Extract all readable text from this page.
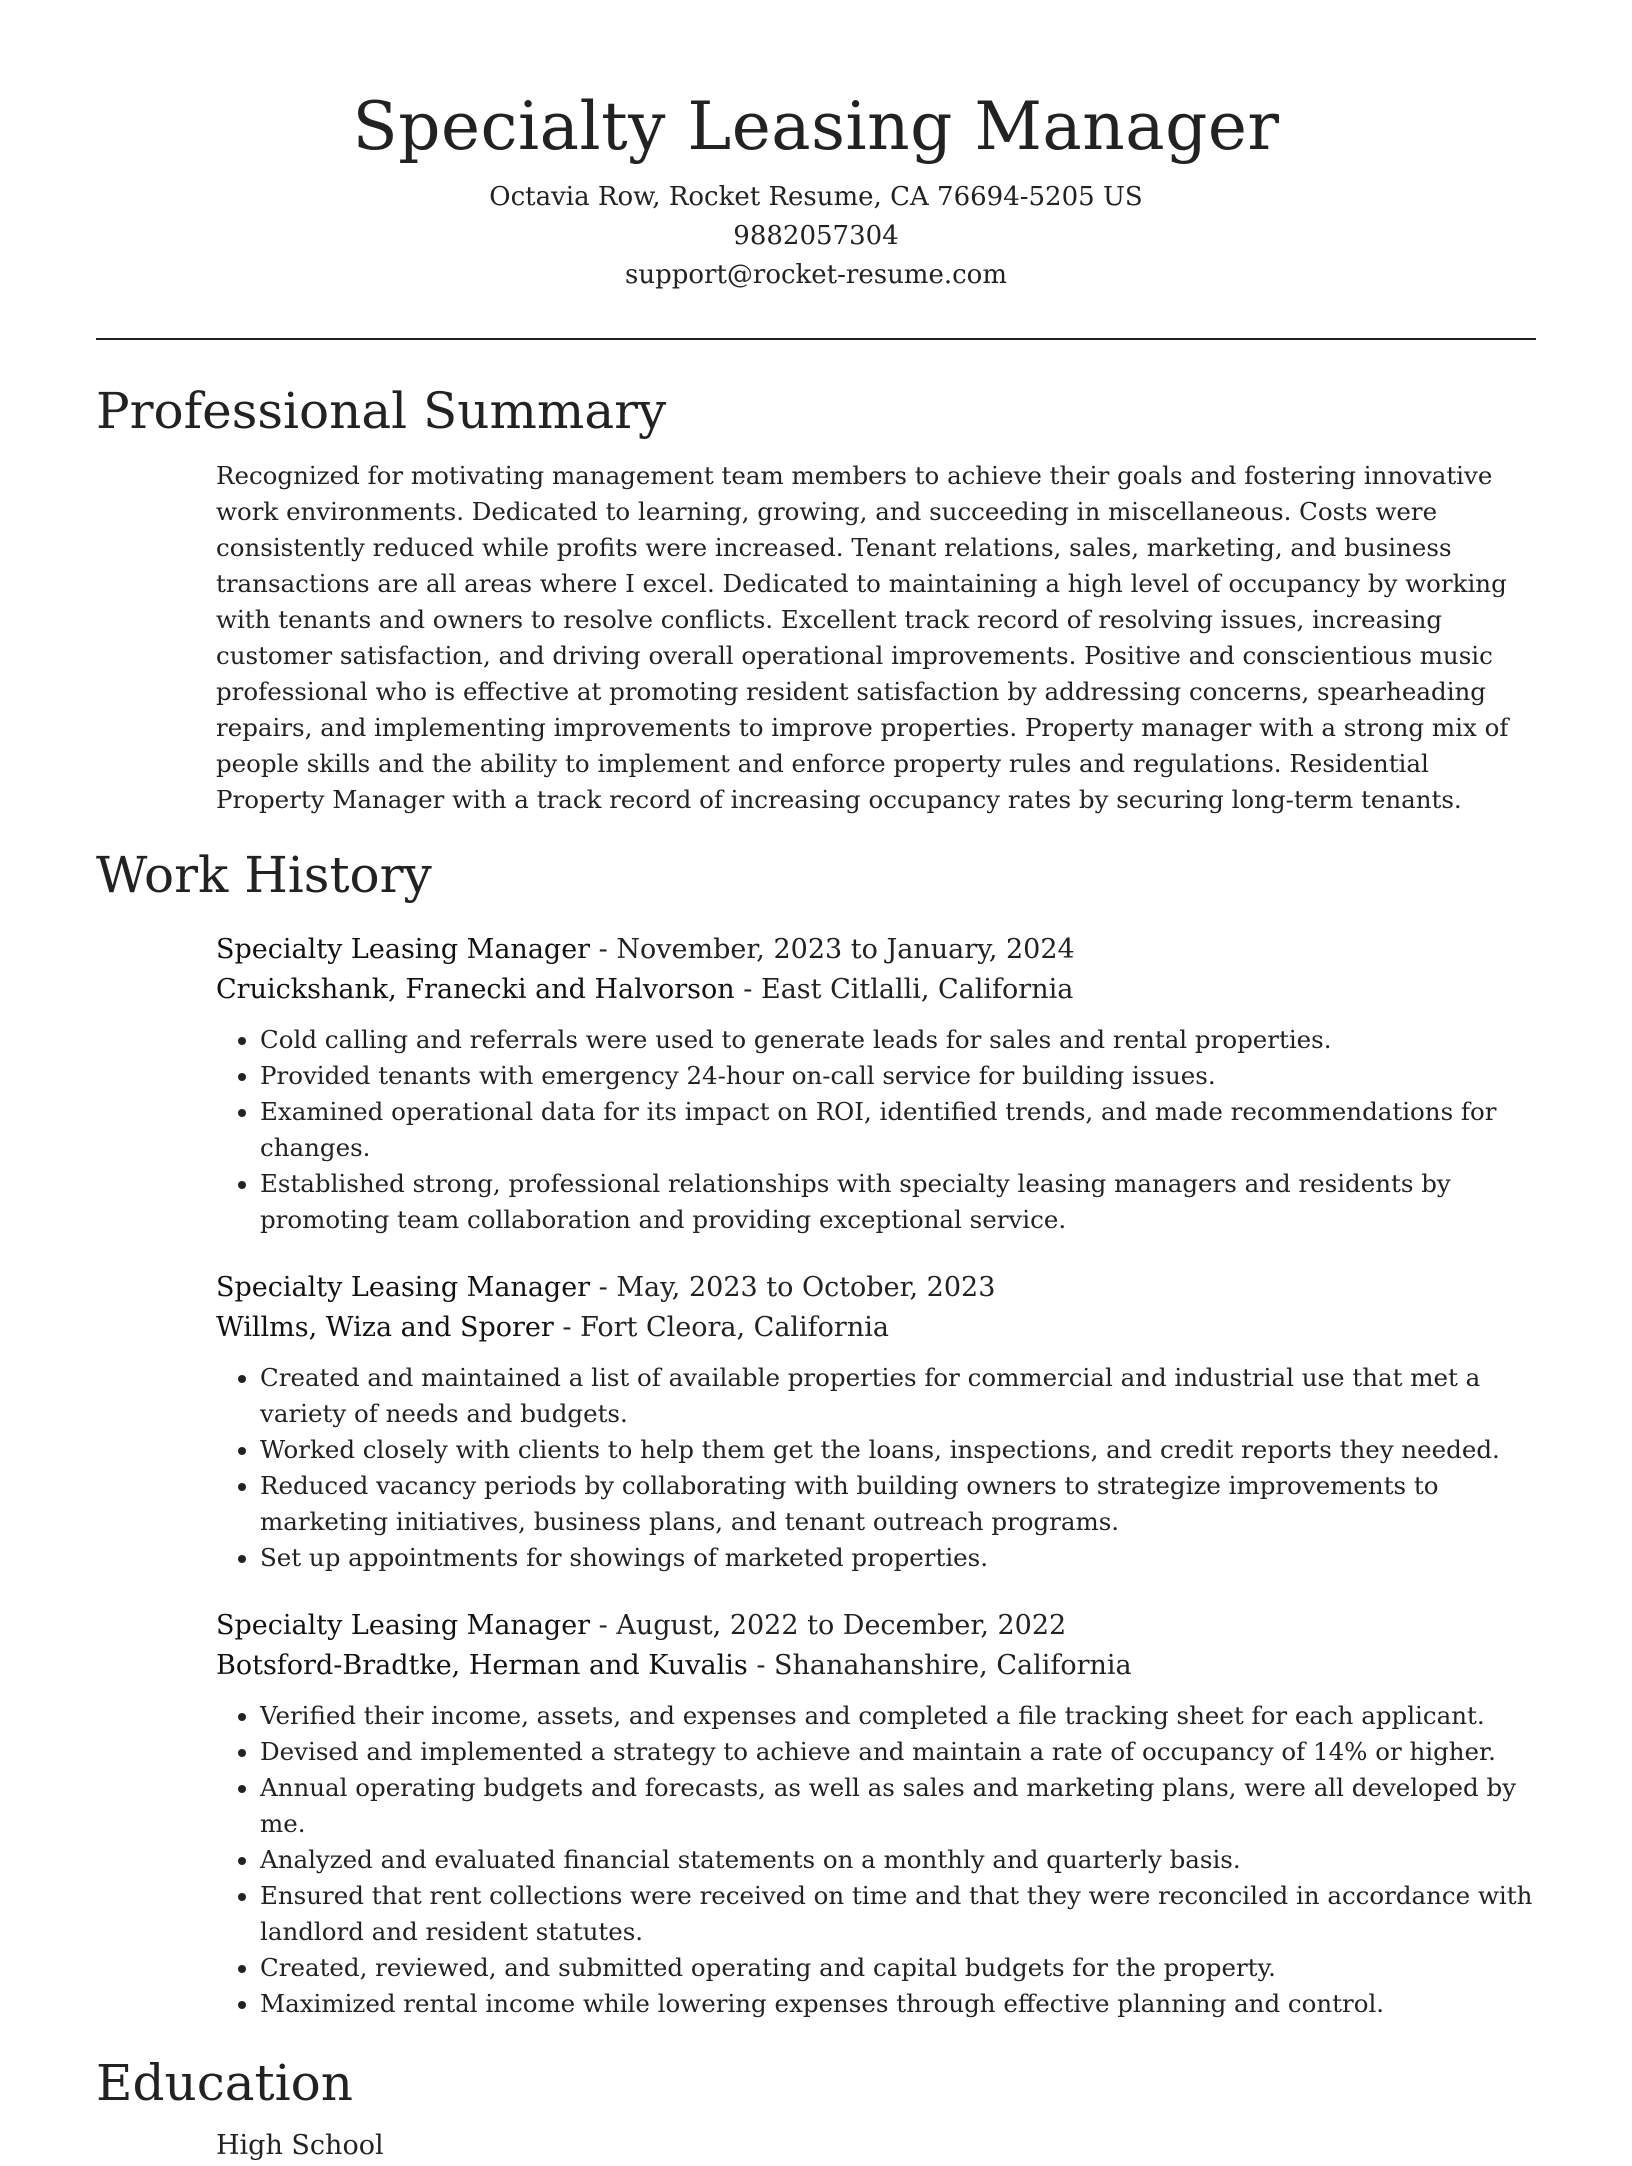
Specialty Leasing Manager
Octavia Row, Rocket Resume, CA 76694-5205 US
9882057304
support@rocket-resume.com
Professional Summary

Recognized for motivating management team members to achieve their goals and fostering innovative work environments. Dedicated to learning, growing, and succeeding in miscellaneous. Costs were consistently reduced while profits were increased. Tenant relations, sales, marketing, and business transactions are all areas where I excel. Dedicated to maintaining a high level of occupancy by working with tenants and owners to resolve conflicts. Excellent track record of resolving issues, increasing customer satisfaction, and driving overall operational improvements. Positive and conscientious music professional who is effective at promoting resident satisfaction by addressing concerns, spearheading repairs, and implementing improvements to improve properties. Property manager with a strong mix of people skills and the ability to implement and enforce property rules and regulations. Residential Property Manager with a track record of increasing occupancy rates by securing long-term tenants.

Work History
Specialty Leasing Manager - November, 2023 to January, 2024
Cruickshank, Franecki and Halvorson - East Citlalli, California
• Cold calling and referrals were used to generate leads for sales and rental properties.
• Provided tenants with emergency 24-hour on-call service for building issues.
• Examined operational data for its impact on ROI, identified trends, and made recommendations for changes.
• Established strong, professional relationships with specialty leasing managers and residents by promoting team collaboration and providing exceptional service.
Specialty Leasing Manager - May, 2023 to October, 2023
Willms, Wiza and Sporer - Fort Cleora, California
• Created and maintained a list of available properties for commercial and industrial use that met a variety of needs and budgets.
• Worked closely with clients to help them get the loans, inspections, and credit reports they needed.
• Reduced vacancy periods by collaborating with building owners to strategize improvements to marketing initiatives, business plans, and tenant outreach programs.
• Set up appointments for showings of marketed properties.
Specialty Leasing Manager - August, 2022 to December, 2022
Botsford-Bradtke, Herman and Kuvalis - Shanahanshire, California
• Verified their income, assets, and expenses and completed a file tracking sheet for each applicant.
• Devised and implemented a strategy to achieve and maintain a rate of occupancy of 14% or higher.
• Annual operating budgets and forecasts, as well as sales and marketing plans, were all developed by me.
• Analyzed and evaluated financial statements on a monthly and quarterly basis.
• Ensured that rent collections were received on time and that they were reconciled in accordance with landlord and resident statutes.
• Created, reviewed, and submitted operating and capital budgets for the property.
• Maximized rental income while lowering expenses through effective planning and control.
Education
High School
